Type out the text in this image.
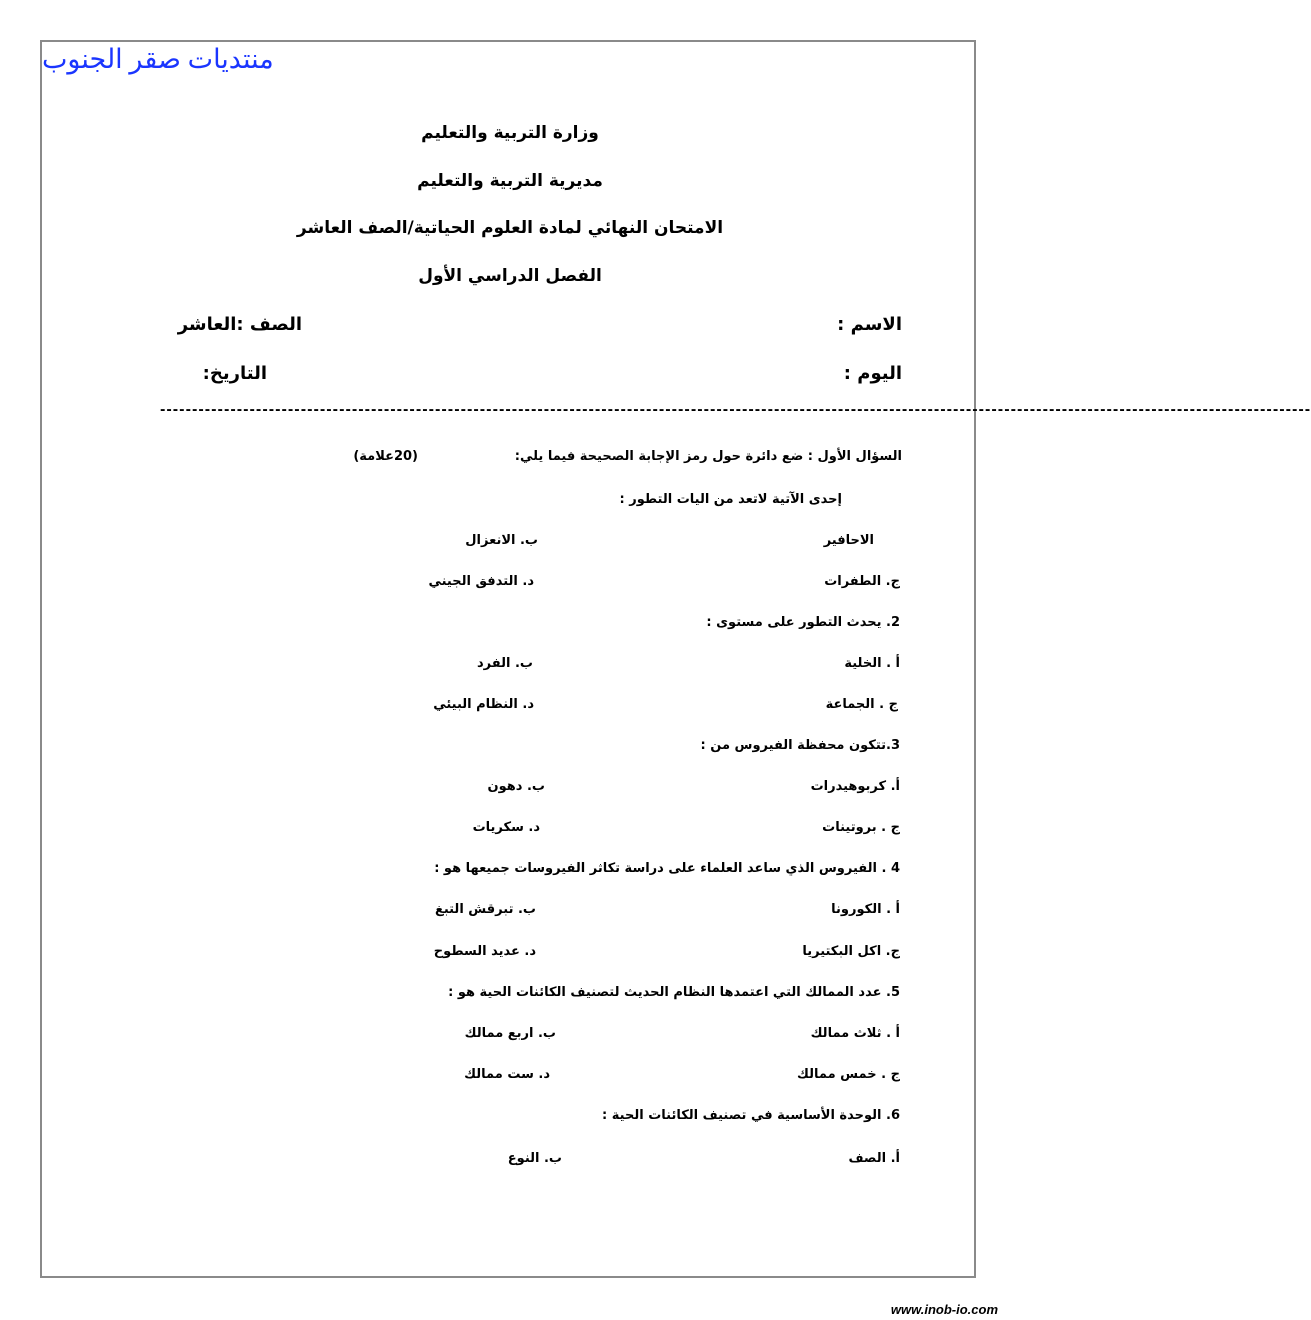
منتديات صقر الجنوب
وزارة التربية والتعليم
مديرية التربية والتعليم
الامتحان النهائي لمادة العلوم الحياتية/الصف العاشر
الفصل الدراسي الأول
الاسم :
الصف :العاشر
اليوم :
التاريخ:
------------------------------------------------------------------------------------------------------------------------------------------------------------------------------------
السؤال الأول : ضع دائرة حول رمز الإجابة الصحيحة فيما يلي:
(20علامة)
إحدى الآتية لاتعد من اليات التطور :
الاحافير
ب. الانعزال
ج. الطفرات
د. التدفق الجيني
2. يحدث التطور على مستوى :
أ . الخلية
ب. الفرد
ج . الجماعة
د. النظام البيئي
3.تتكون محفظة الفيروس من :
أ. كربوهيدرات
ب. دهون
ج . بروتينات
د. سكريات
4 . الفيروس الذي ساعد العلماء على دراسة تكاثر الفيروسات جميعها هو :
أ . الكورونا
ب. تبرقش التبغ
ج. اكل البكتيريا
د. عديد السطوح
5. عدد الممالك التي اعتمدها النظام الحديث لتصنيف الكائنات الحية هو :
أ . ثلاث ممالك
ب. اربع ممالك
ج . خمس ممالك
د. ست ممالك
6. الوحدة الأساسية في تصنيف الكائنات الحية :
أ. الصف
ب. النوع
www.inob-io.com
